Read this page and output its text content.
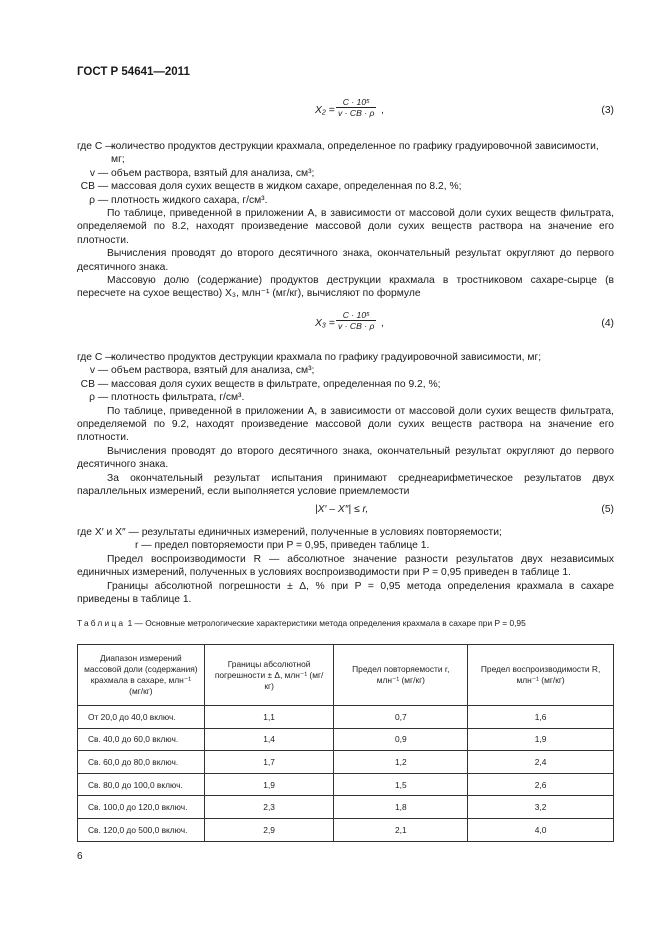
ГОСТ Р 54641—2011
$X_2 = \frac{\text{C · 10⁵}}{v \cdot CB \cdot \rho}$ ,	(3)
где C —
количество продуктов деструкции крахмала, определенное по графику градуировочной зависимости, мг;
v — объем раствора, взятый для анализа, см³;
CB — массовая доля сухих веществ в жидком сахаре, определенная по 8.2, %;
ρ — плотность жидкого сахара, г/см³.

По таблице, приведенной в приложении А, в зависимости от массовой доли сухих веществ фильтрата, определяемой по 8.2, находят произведение массовой доли сухих веществ раствора на значение его плотности.

Вычисления проводят до второго десятичного знака, окончательный результат округляют до первого десятичного знака.

Массовую долю (содержание) продуктов деструкции крахмала в тростниковом сахаре-сырце (в пересчете на сухое вещество) X₃, млн⁻¹ (мг/кг), вычисляют по формуле

$X_3 = \frac{\text{C · 10⁵}}{v \cdot CB \cdot \rho}$ ,	(4)
где C —
количество продуктов деструкции крахмала по графику градуировочной зависимости, мг;
v — объем раствора, взятый для анализа, см³;
CB — массовая доля сухих веществ в фильтрате, определенная по 9.2, %;
ρ — плотность фильтрата, г/см³.

По таблице, приведенной в приложении А, в зависимости от массовой доли сухих веществ фильтрата, определяемой по 9.2, находят произведение массовой доли сухих веществ раствора на значение его плотности.

Вычисления проводят до второго десятичного знака, окончательный результат округляют до первого десятичного знака.

За окончательный результат испытания принимают среднеарифметическое результатов двух параллельных измерений, если выполняется условие приемлемости

|X′ – X″| ≤ r,	(5)
где X′ и X″ — результаты единичных измерений, полученные в условиях повторяемости;

r — предел повторяемости при P = 0,95, приведен таблице 1.

Предел воспроизводимости R — абсолютное значение разности результатов двух независимых единичных измерений, полученных в условиях воспроизводимости при P = 0,95 приведен в таблице 1.

Границы абсолютной погрешности ± Δ, % при P = 0,95 метода определения крахмала в сахаре приведены в таблице 1.

Таблица 1 — Основные метрологические характеристики метода определения крахмала в сахаре при P = 0,95
Диапазон измерений массовой доли (содержания) крахмала в сахаре, млн⁻¹ (мг/кг)	Границы абсолютной погрешности ± Δ, млн⁻¹ (мг/кг)	Предел повторяемости r, млн⁻¹ (мг/кг)	Предел воспроизводимости R, млн⁻¹ (мг/кг)
От 20,0 до 40,0 включ.	1,1	0,7	1,6
Св. 40,0 до 60,0 включ.	1,4	0,9	1,9
Св. 60,0 до 80,0 включ.	1,7	1,2	2,4
Св. 80,0 до 100,0 включ.	1,9	1,5	2,6
Св. 100,0 до 120,0 включ.	2,3	1,8	3,2
Св. 120,0 до 500,0 включ.	2,9	2,1	4,0
6
